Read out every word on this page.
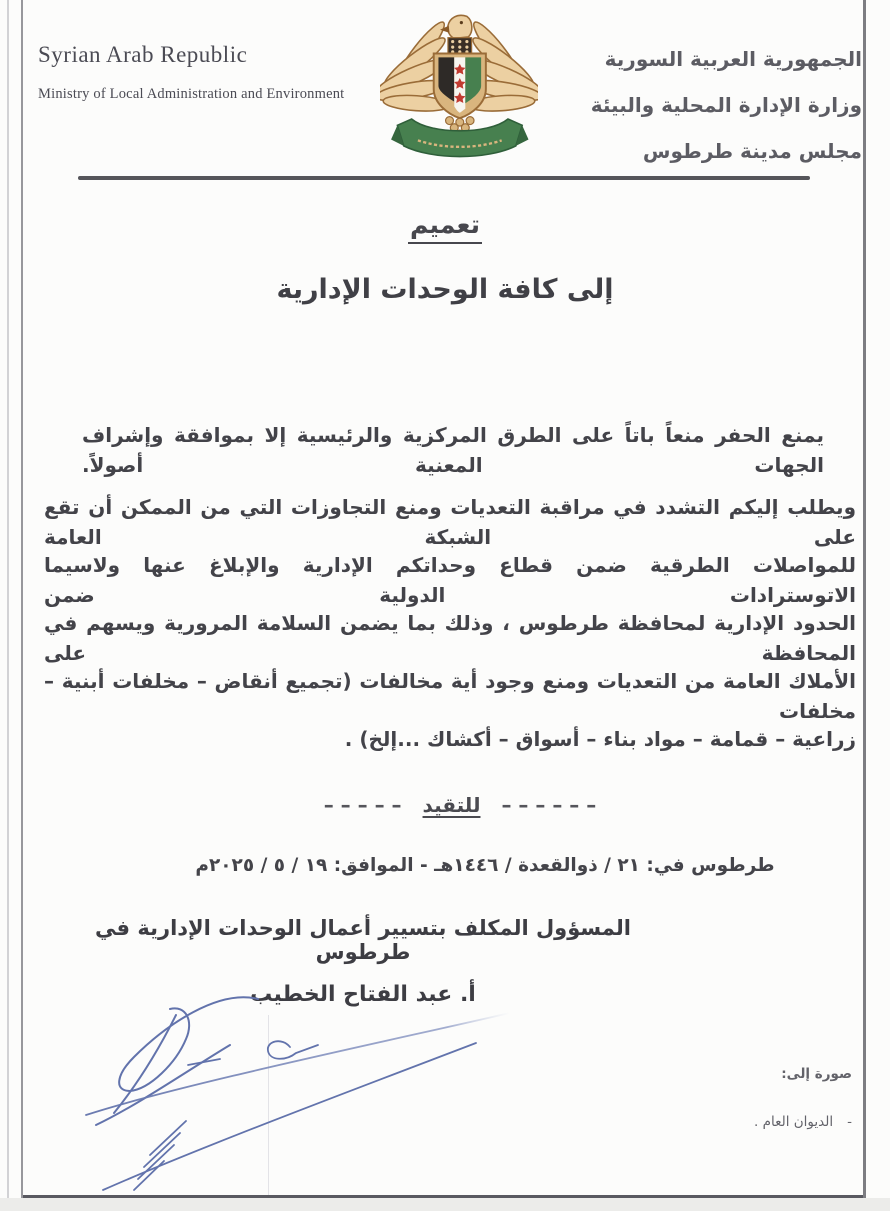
Syrian Arab Republic
Ministry of Local Administration and Environment
الجمهورية العربية السورية
وزارة الإدارة المحلية والبيئة
مجلس مدينة طرطوس
تعميم
إلى كافة الوحدات الإدارية
يمنع الحفر منعاً باتاً على الطرق المركزية والرئيسية إلا بموافقة وإشراف الجهات المعنية أصولاً.
ويطلب إليكم التشدد في مراقبة التعديات ومنع التجاوزات التي من الممكن أن تقع على الشبكة العامة
للمواصلات الطرقية ضمن قطاع وحداتكم الإدارية والإبلاغ عنها ولاسيما الاتوسترادات الدولية ضمن
الحدود الإدارية لمحافظة طرطوس ، وذلك بما يضمن السلامة المرورية ويسهم في المحافظة على
الأملاك العامة من التعديات ومنع وجود أية مخالفات (تجميع أنقاض – مخلفات أبنية – مخلفات
زراعية – قمامة – مواد بناء – أسواق – أكشاك ...إلخ) .
– – – – – – للتقيد – – – – –
طرطوس في: ٢١ / ذوالقعدة / ١٤٤٦هـ - الموافق: ١٩ / ٥ / ٢٠٢٥م
المسؤول المكلف بتسيير أعمال الوحدات الإدارية في طرطوس
أ. عبد الفتاح الخطيب
صورة إلى:
-
الديوان العام .
